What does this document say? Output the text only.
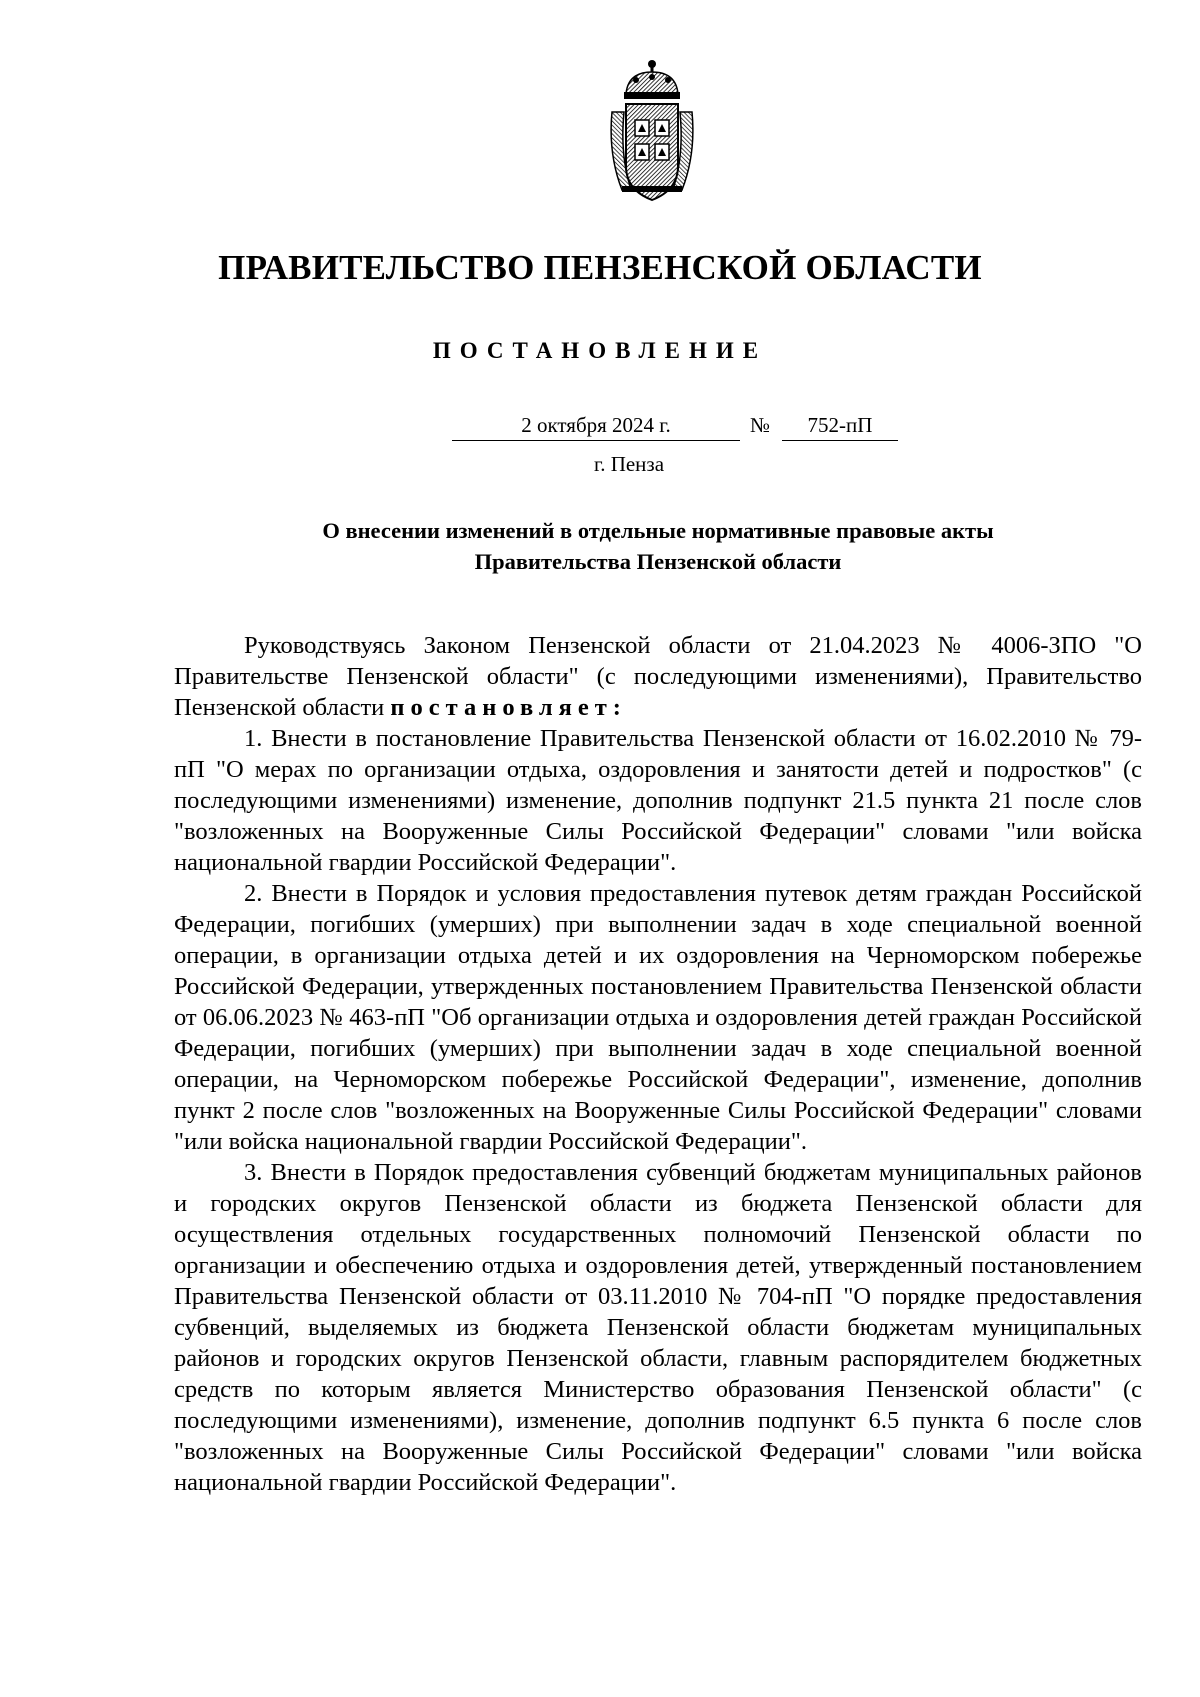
ПРАВИТЕЛЬСТВО ПЕНЗЕНСКОЙ ОБЛАСТИ
ПОСТАНОВЛЕНИЕ
2 октября 2024 г.	№	752-пП
г. Пенза
О внесении изменений в отдельные нормативные правовые акты
Правительства Пензенской области

Руководствуясь Законом Пензенской области от 21.04.2023 № 4006-ЗПО "О Правительстве Пензенской области" (с последующими изменениями), Правительство Пензенской области постановляет:

1. Внести в постановление Правительства Пензенской области от 16.02.2010 № 79-пП "О мерах по организации отдыха, оздоровления и занятости детей и подростков" (с последующими изменениями) изменение, дополнив подпункт 21.5 пункта 21 после слов "возложенных на Вооруженные Силы Российской Федерации" словами "или войска национальной гвардии Российской Федерации".

2. Внести в Порядок и условия предоставления путевок детям граждан Российской Федерации, погибших (умерших) при выполнении задач в ходе специальной военной операции, в организации отдыха детей и их оздоровления на Черноморском побережье Российской Федерации, утвержденных постановлением Правительства Пензенской области от 06.06.2023 № 463-пП "Об организации отдыха и оздоровления детей граждан Российской Федерации, погибших (умерших) при выполнении задач в ходе специальной военной операции, на Черноморском побережье Российской Федерации", изменение, дополнив пункт 2 после слов "возложенных на Вооруженные Силы Российской Федерации" словами "или войска национальной гвардии Российской Федерации".

3. Внести в Порядок предоставления субвенций бюджетам муниципальных районов и городских округов Пензенской области из бюджета Пензенской области для осуществления отдельных государственных полномочий Пензенской области по организации и обеспечению отдыха и оздоровления детей, утвержденный постановлением Правительства Пензенской области от 03.11.2010 № 704-пП "О порядке предоставления субвенций, выделяемых из бюджета Пензенской области бюджетам муниципальных районов и городских округов Пензенской области, главным распорядителем бюджетных средств по которым является Министерство образования Пензенской области" (с последующими изменениями), изменение, дополнив подпункт 6.5 пункта 6 после слов "возложенных на Вооруженные Силы Российской Федерации" словами "или войска национальной гвардии Российской Федерации".
